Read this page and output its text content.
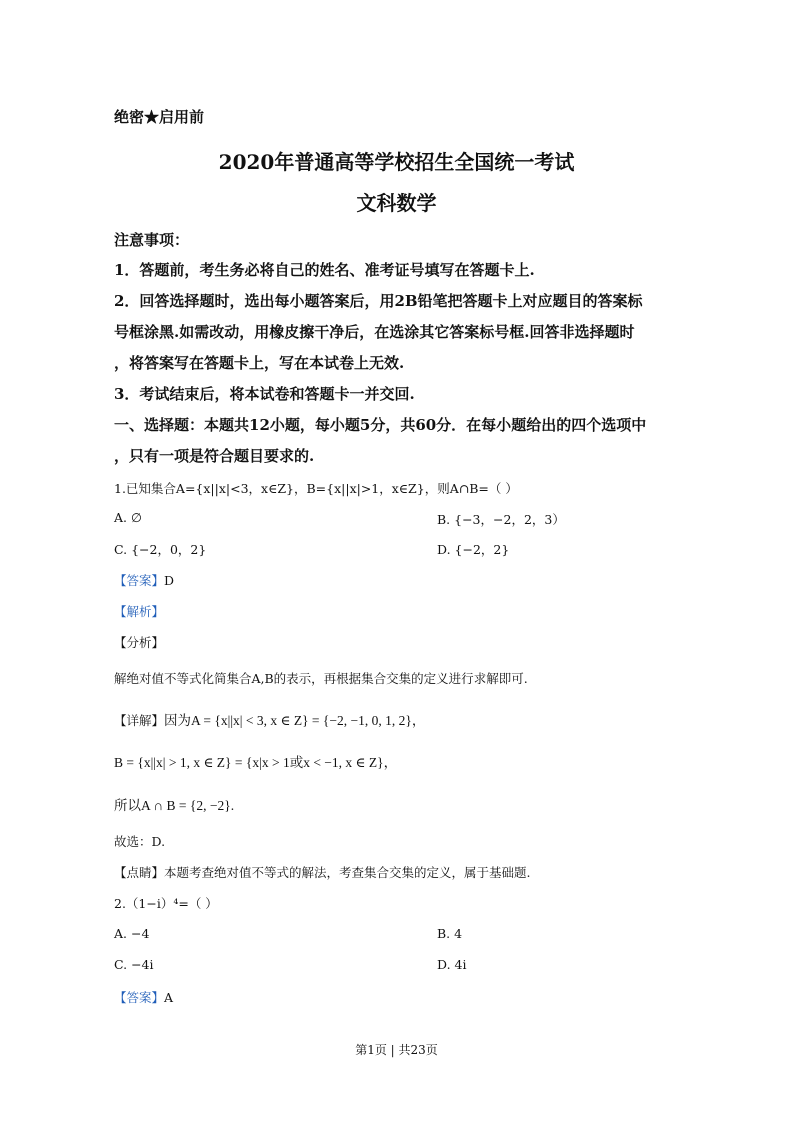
绝密★启用前
2020年普通高等学校招生全国统一考试
文科数学
注意事项：
1．答题前，考生务必将自己的姓名、准考证号填写在答题卡上.
2．回答选择题时，选出每小题答案后，用2B铅笔把答题卡上对应题目的答案标
号框涂黑.如需改动，用橡皮擦干净后，在选涂其它答案标号框.回答非选择题时
，将答案写在答题卡上，写在本试卷上无效.
3．考试结束后，将本试卷和答题卡一并交回.
一、选择题：本题共12小题，每小题5分，共60分．在每小题给出的四个选项中
，只有一项是符合题目要求的.
1.已知集合A={x||x|<3，x∈Z}，B={x||x|>1，x∈Z}，则A∩B=（ ）
A. ∅	B. {−3，−2，2，3）
C. {−2，0，2}	D. {−2，2}
【答案】D
【解析】
【分析】
解绝对值不等式化简集合A,B的表示，再根据集合交集的定义进行求解即可.
【详解】因为A = {x||x| < 3, x ∈ Z} = {−2, −1, 0, 1, 2}，
B = {x||x| > 1, x ∈ Z} = {x|x > 1或x < −1, x ∈ Z}，
所以A ∩ B = {2, −2}.
故选：D.
【点睛】本题考查绝对值不等式的解法，考查集合交集的定义，属于基础题.
2.（1−i）⁴=（ ）
A. −4	B. 4
C. −4i	D. 4i
【答案】A
第1页 | 共23页
